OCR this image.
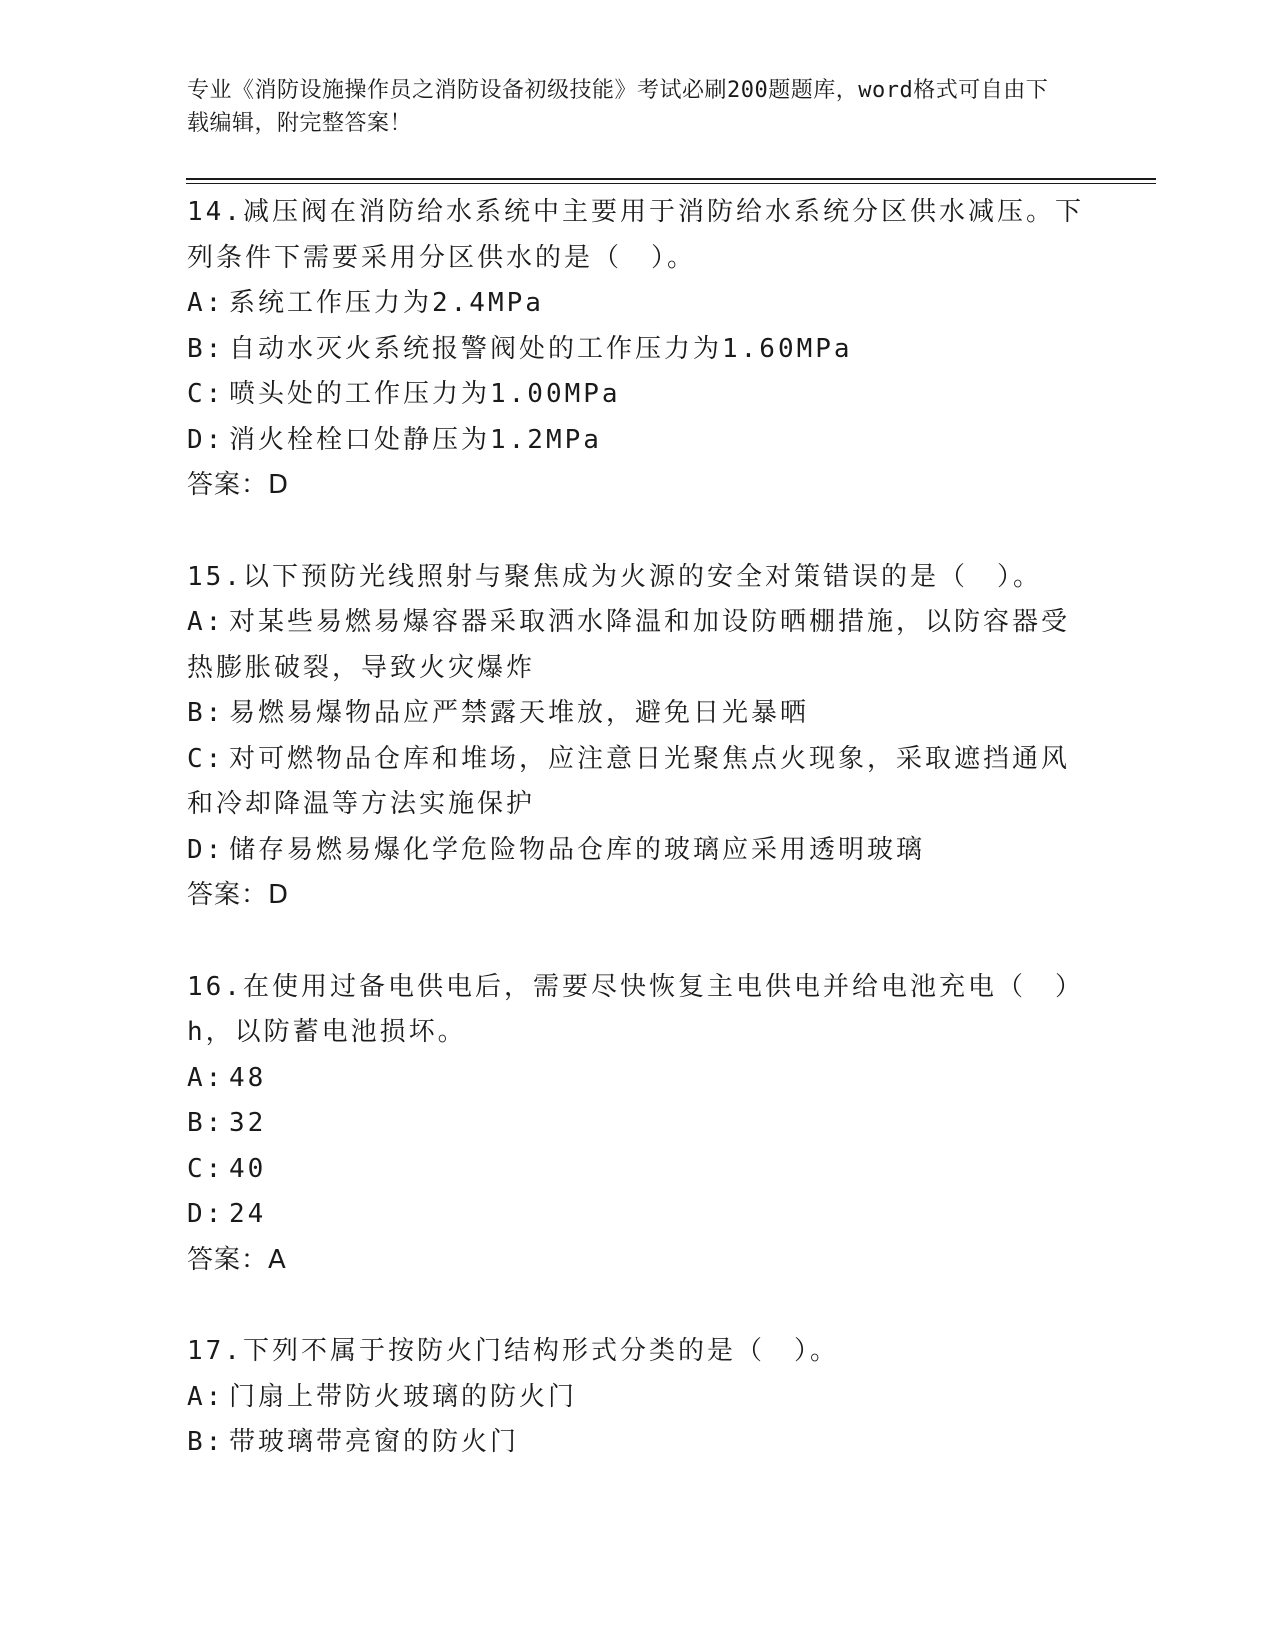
专业《消防设施操作员之消防设备初级技能》考试必刷200题题库，word格式可自由下载编辑，附完整答案！
14.减压阀在消防给水系统中主要用于消防给水系统分区供水减压。下列条件下需要采用分区供水的是（　）。
A: 系统工作压力为2.4MPa
B: 自动水灭火系统报警阀处的工作压力为1.60MPa
C: 喷头处的工作压力为1.00MPa
D: 消火栓栓口处静压为1.2MPa
答案：D
15.以下预防光线照射与聚焦成为火源的安全对策错误的是（　）。
A: 对某些易燃易爆容器采取洒水降温和加设防晒棚措施，以防容器受热膨胀破裂，导致火灾爆炸
B: 易燃易爆物品应严禁露天堆放，避免日光暴晒
C: 对可燃物品仓库和堆场，应注意日光聚焦点火现象，采取遮挡通风和冷却降温等方法实施保护
D: 储存易燃易爆化学危险物品仓库的玻璃应采用透明玻璃
答案：D
16.在使用过备电供电后，需要尽快恢复主电供电并给电池充电（　）h，以防蓄电池损坏。
A: 48
B: 32
C: 40
D: 24
答案：A
17.下列不属于按防火门结构形式分类的是（　）。
A: 门扇上带防火玻璃的防火门
B: 带玻璃带亮窗的防火门
